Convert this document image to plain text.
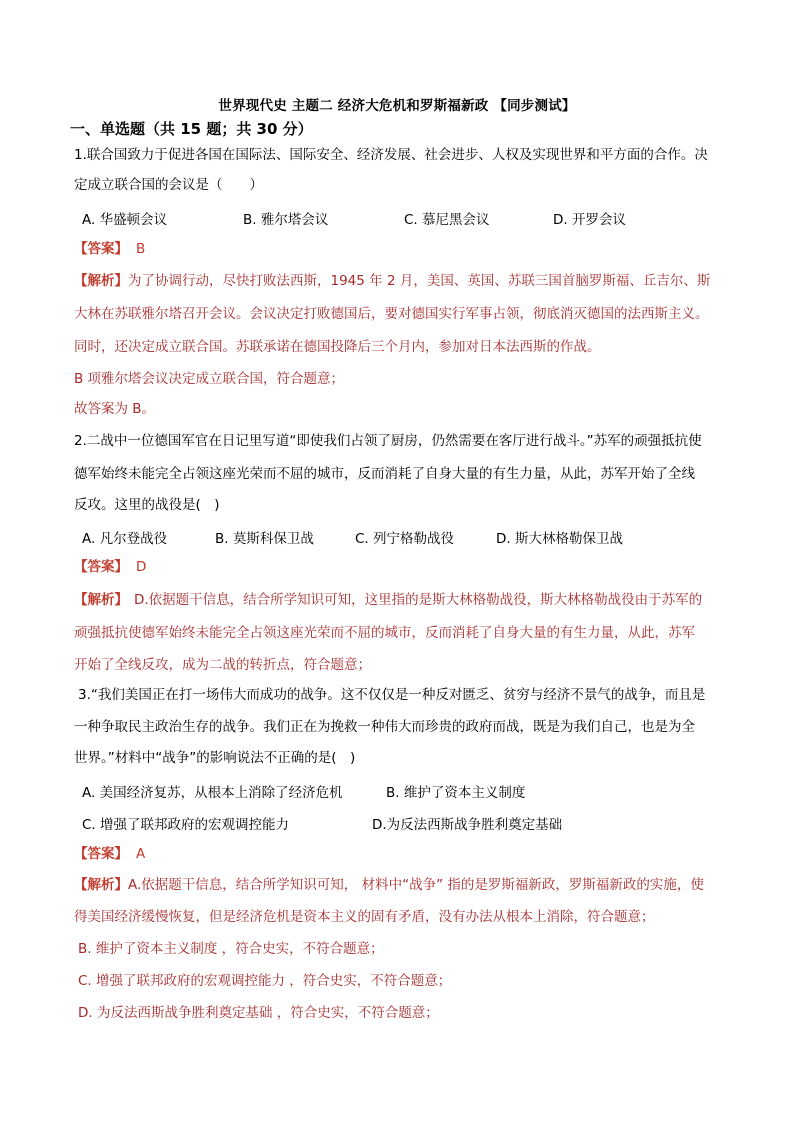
世界现代史 主题二 经济大危机和罗斯福新政 【同步测试】
一、单选题（共 15 题；共 30 分）
1.联合国致力于促进各国在国际法、国际安全、经济发展、社会进步、人权及实现世界和平方面的合作。决
定成立联合国的会议是（　　）
A. 华盛顿会议	B. 雅尔塔会议	C. 慕尼黑会议	D. 开罗会议
【答案】 B
【解析】为了协调行动，尽快打败法西斯，1945 年 2 月，美国、英国、苏联三国首脑罗斯福、丘吉尔、斯
大林在苏联雅尔塔召开会议。会议决定打败德国后，要对德国实行军事占领，彻底消灭德国的法西斯主义。
同时，还决定成立联合国。苏联承诺在德国投降后三个月内，参加对日本法西斯的作战。
B 项雅尔塔会议决定成立联合国，符合题意；
故答案为 B。
2.二战中一位德国军官在日记里写道“即使我们占领了厨房，仍然需要在客厅进行战斗。”苏军的顽强抵抗使
德军始终未能完全占领这座光荣而不屈的城市，反而消耗了自身大量的有生力量，从此，苏军开始了全线
反攻。这里的战役是(　)
A. 凡尔登战役	B. 莫斯科保卫战	C. 列宁格勒战役	D. 斯大林格勒保卫战
【答案】 D
【解析】 D.依据题干信息，结合所学知识可知，这里指的是斯大林格勒战役，斯大林格勒战役由于苏军的
顽强抵抗使德军始终未能完全占领这座光荣而不屈的城市，反而消耗了自身大量的有生力量，从此，苏军
开始了全线反攻，成为二战的转折点，符合题意；
3.“我们美国正在打一场伟大而成功的战争。这不仅仅是一种反对匮乏、贫穷与经济不景气的战争，而且是
一种争取民主政治生存的战争。我们正在为挽救一种伟大而珍贵的政府而战，既是为我们自己，也是为全
世界。”材料中“战争”的影响说法不正确的是(　)
A. 美国经济复苏，从根本上消除了经济危机	B. 维护了资本主义制度
C. 增强了联邦政府的宏观调控能力	D.为反法西斯战争胜利奠定基础
【答案】 A
【解析】A.依据题干信息，结合所学知识可知， 材料中“战争” 指的是罗斯福新政，罗斯福新政的实施，使
得美国经济缓慢恢复，但是经济危机是资本主义的固有矛盾，没有办法从根本上消除，符合题意；
B. 维护了资本主义制度 ，符合史实，不符合题意；
C. 增强了联邦政府的宏观调控能力 ，符合史实，不符合题意；
D. 为反法西斯战争胜利奠定基础 ，符合史实，不符合题意；
